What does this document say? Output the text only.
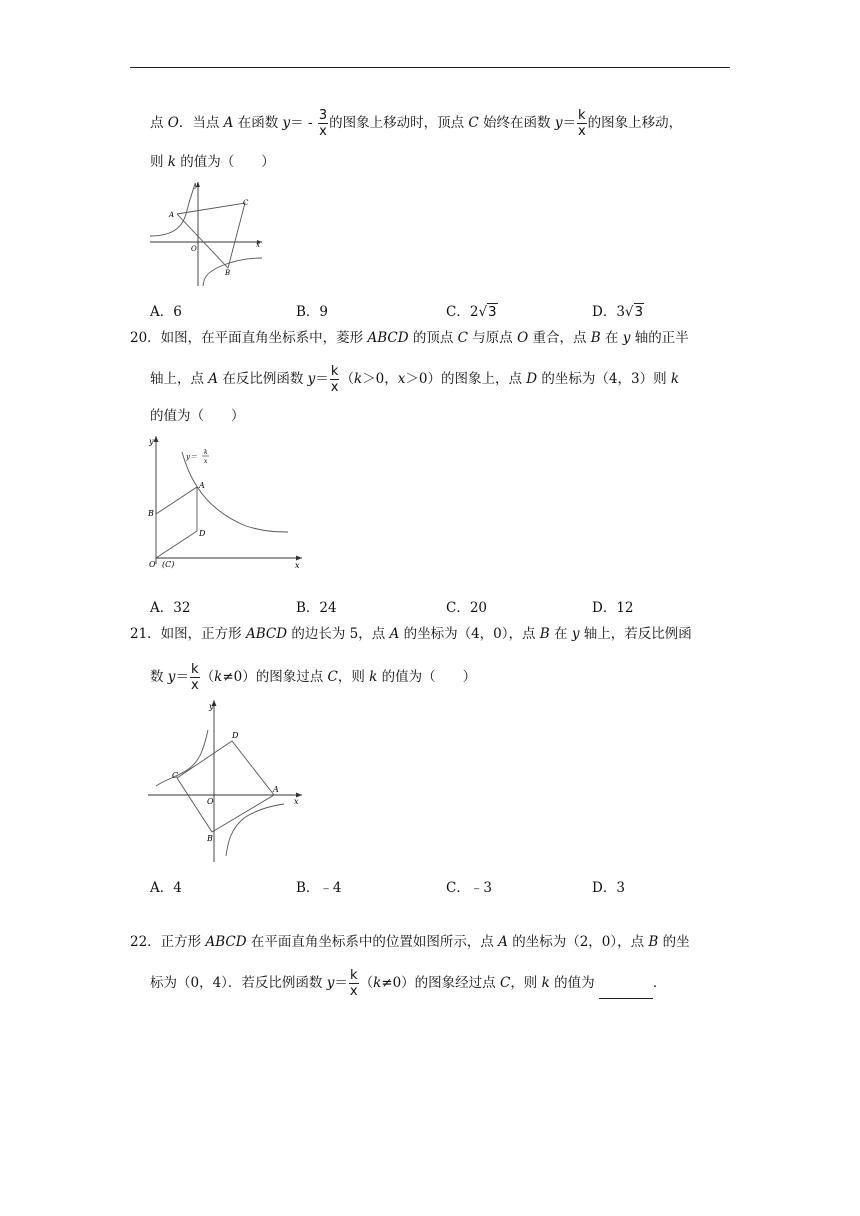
点 O．当点 A 在函数 $y= - \frac{3}{x}$ 的图象上移动时，顶点 C 始终在函数 $y= \frac{k}{x}$ 的图象上移动，
则 k 的值为（　　）
y
A
C
O	x
B
A．6	B．9	C．2√3	D．3√3
20．如图，在平面直角坐标系中，菱形 ABCD 的顶点 C 与原点 O 重合，点 B 在 y 轴的正半
轴上，点 A 在反比例函数 $y= \frac{k}{x} (k>0$，x＞0）的图象上，点 D 的坐标为（4，3）则 k
的值为（　　）
y
y＝
k
x
A
B
D
O (C)	x
A．32	B．24	C．20	D．12
21．如图，正方形 ABCD 的边长为 5，点 A 的坐标为（4，0），点 B 在 y 轴上，若反比例函
数 $y= \frac{k}{x} (k\ne 0)$的图象过点 C，则 k 的值为（　　）
y
D
C
O
A
x
B
A．4	B．﹣4	C．﹣3	D．3
22．正方形 ABCD 在平面直角坐标系中的位置如图所示，点 A 的坐标为（2，0），点 B 的坐
标为（0，4）．若反比例函数 $y= \frac{k}{x} (k\ne 0)$的图象经过点 C，则 k 的值为	．
